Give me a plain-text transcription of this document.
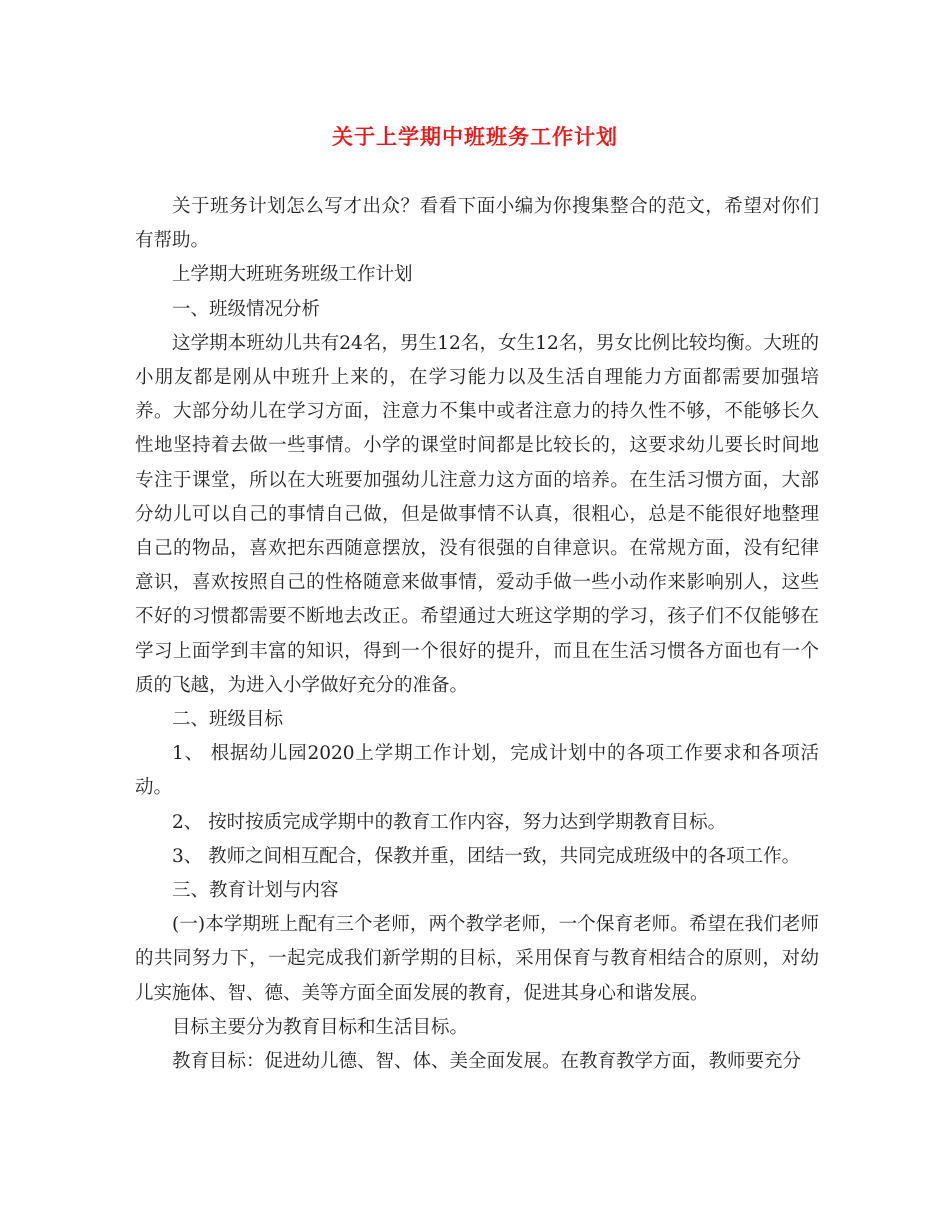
关于上学期中班班务工作计划

关于班务计划怎么写才出众？看看下面小编为你搜集整合的范文，希望对你们有帮助。

上学期大班班务班级工作计划

一、班级情况分析

这学期本班幼儿共有24名，男生12名，女生12名，男女比例比较均衡。大班的小朋友都是刚从中班升上来的，在学习能力以及生活自理能力方面都需要加强培养。大部分幼儿在学习方面，注意力不集中或者注意力的持久性不够，不能够长久性地坚持着去做一些事情。小学的课堂时间都是比较长的，这要求幼儿要长时间地专注于课堂，所以在大班要加强幼儿注意力这方面的培养。在生活习惯方面，大部分幼儿可以自己的事情自己做，但是做事情不认真，很粗心，总是不能很好地整理自己的物品，喜欢把东西随意摆放，没有很强的自律意识。在常规方面，没有纪律意识，喜欢按照自己的性格随意来做事情，爱动手做一些小动作来影响别人，这些不好的习惯都需要不断地去改正。希望通过大班这学期的学习，孩子们不仅能够在学习上面学到丰富的知识，得到一个很好的提升，而且在生活习惯各方面也有一个质的飞越，为进入小学做好充分的准备。

二、班级目标

1、 根据幼儿园2020上学期工作计划，完成计划中的各项工作要求和各项活动。

2、 按时按质完成学期中的教育工作内容，努力达到学期教育目标。

3、 教师之间相互配合，保教并重，团结一致，共同完成班级中的各项工作。

三、教育计划与内容

(一)本学期班上配有三个老师，两个教学老师，一个保育老师。希望在我们老师的共同努力下，一起完成我们新学期的目标，采用保育与教育相结合的原则，对幼儿实施体、智、德、美等方面全面发展的教育，促进其身心和谐发展。

目标主要分为教育目标和生活目标。

教育目标：促进幼儿德、智、体、美全面发展。在教育教学方面，教师要充分
